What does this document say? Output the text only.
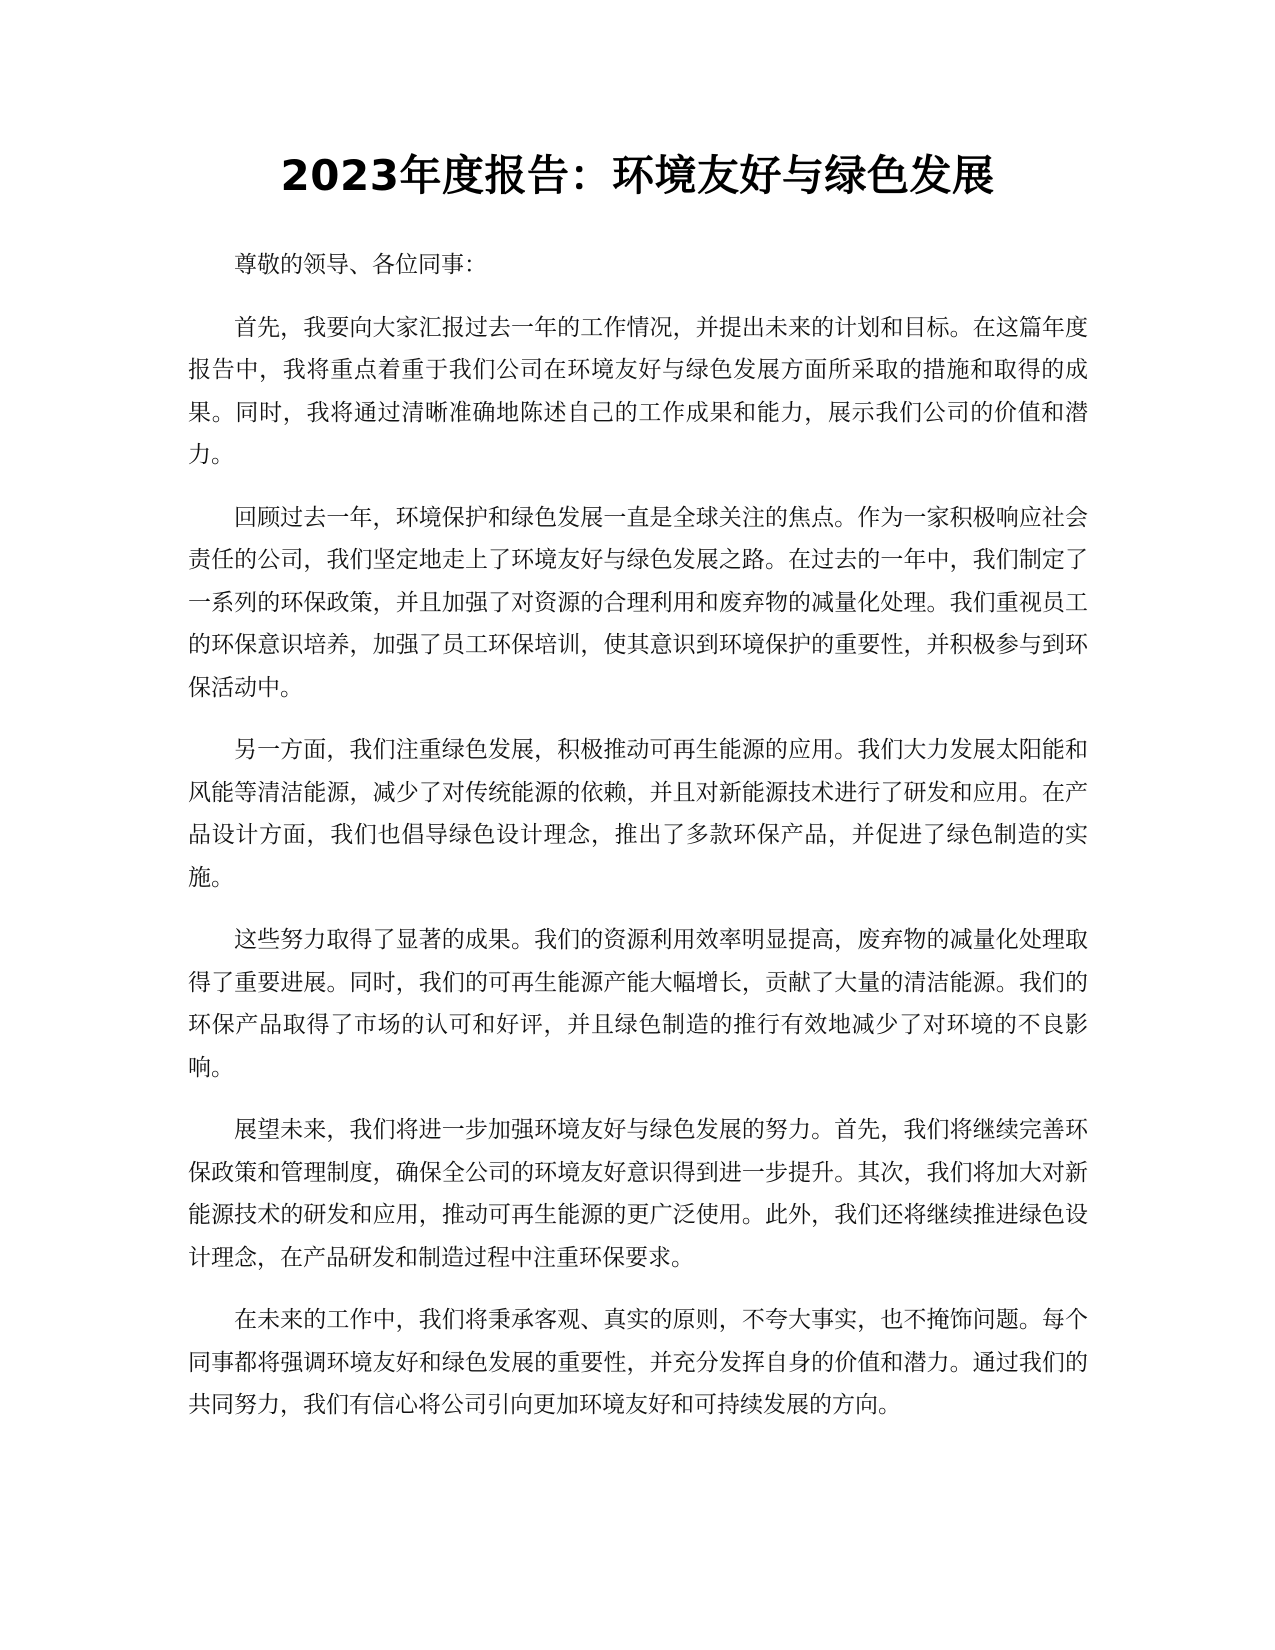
2023年度报告：环境友好与绿色发展

尊敬的领导、各位同事：

首先，我要向大家汇报过去一年的工作情况，并提出未来的计划和目标。在这篇年度报告中，我将重点着重于我们公司在环境友好与绿色发展方面所采取的措施和取得的成果。同时，我将通过清晰准确地陈述自己的工作成果和能力，展示我们公司的价值和潜力。

回顾过去一年，环境保护和绿色发展一直是全球关注的焦点。作为一家积极响应社会责任的公司，我们坚定地走上了环境友好与绿色发展之路。在过去的一年中，我们制定了一系列的环保政策，并且加强了对资源的合理利用和废弃物的减量化处理。我们重视员工的环保意识培养，加强了员工环保培训，使其意识到环境保护的重要性，并积极参与到环保活动中。

另一方面，我们注重绿色发展，积极推动可再生能源的应用。我们大力发展太阳能和风能等清洁能源，减少了对传统能源的依赖，并且对新能源技术进行了研发和应用。在产品设计方面，我们也倡导绿色设计理念，推出了多款环保产品，并促进了绿色制造的实施。

这些努力取得了显著的成果。我们的资源利用效率明显提高，废弃物的减量化处理取得了重要进展。同时，我们的可再生能源产能大幅增长，贡献了大量的清洁能源。我们的环保产品取得了市场的认可和好评，并且绿色制造的推行有效地减少了对环境的不良影响。

展望未来，我们将进一步加强环境友好与绿色发展的努力。首先，我们将继续完善环保政策和管理制度，确保全公司的环境友好意识得到进一步提升。其次，我们将加大对新能源技术的研发和应用，推动可再生能源的更广泛使用。此外，我们还将继续推进绿色设计理念，在产品研发和制造过程中注重环保要求。

在未来的工作中，我们将秉承客观、真实的原则，不夸大事实，也不掩饰问题。每个同事都将强调环境友好和绿色发展的重要性，并充分发挥自身的价值和潜力。通过我们的共同努力，我们有信心将公司引向更加环境友好和可持续发展的方向。
